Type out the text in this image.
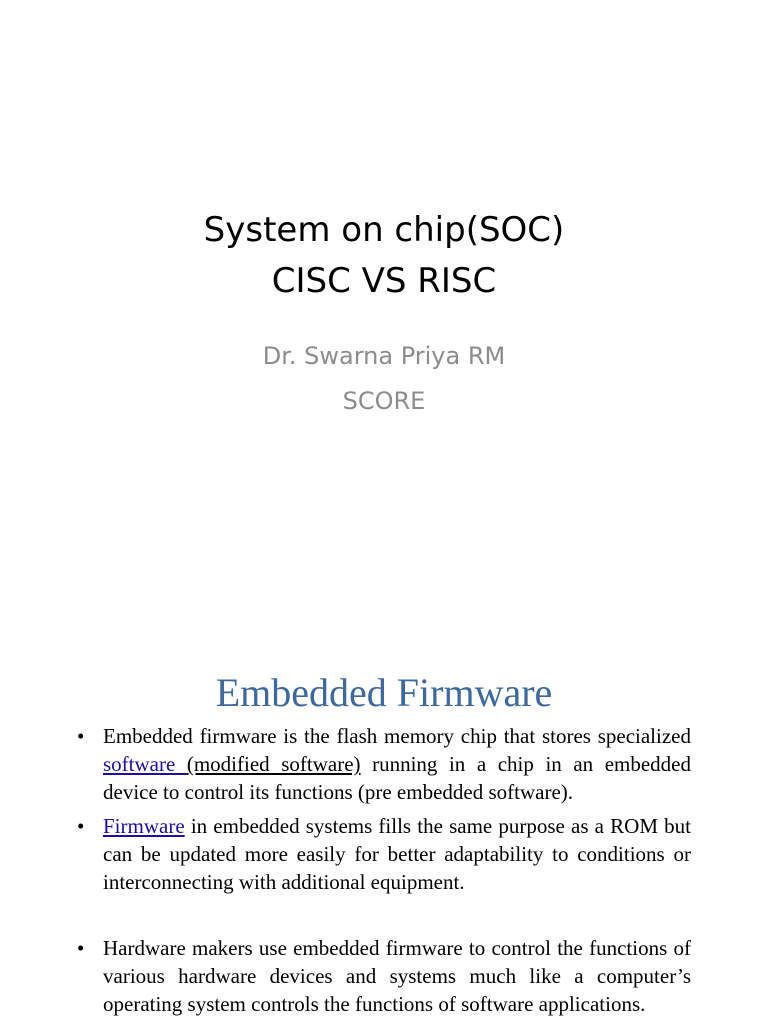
System on chip(SOC)
CISC VS RISC
Dr. Swarna Priya RM
SCORE
Embedded Firmware
• Embedded firmware is the flash memory chip that stores specialized software (modified software) running in a chip in an embedded device to control its functions (pre embedded software).
• Firmware in embedded systems fills the same purpose as a ROM but can be updated more easily for better adaptability to conditions or interconnecting with additional equipment.
• Hardware makers use embedded firmware to control the functions of various hardware devices and systems much like a computer’s operating system controls the functions of software applications.
